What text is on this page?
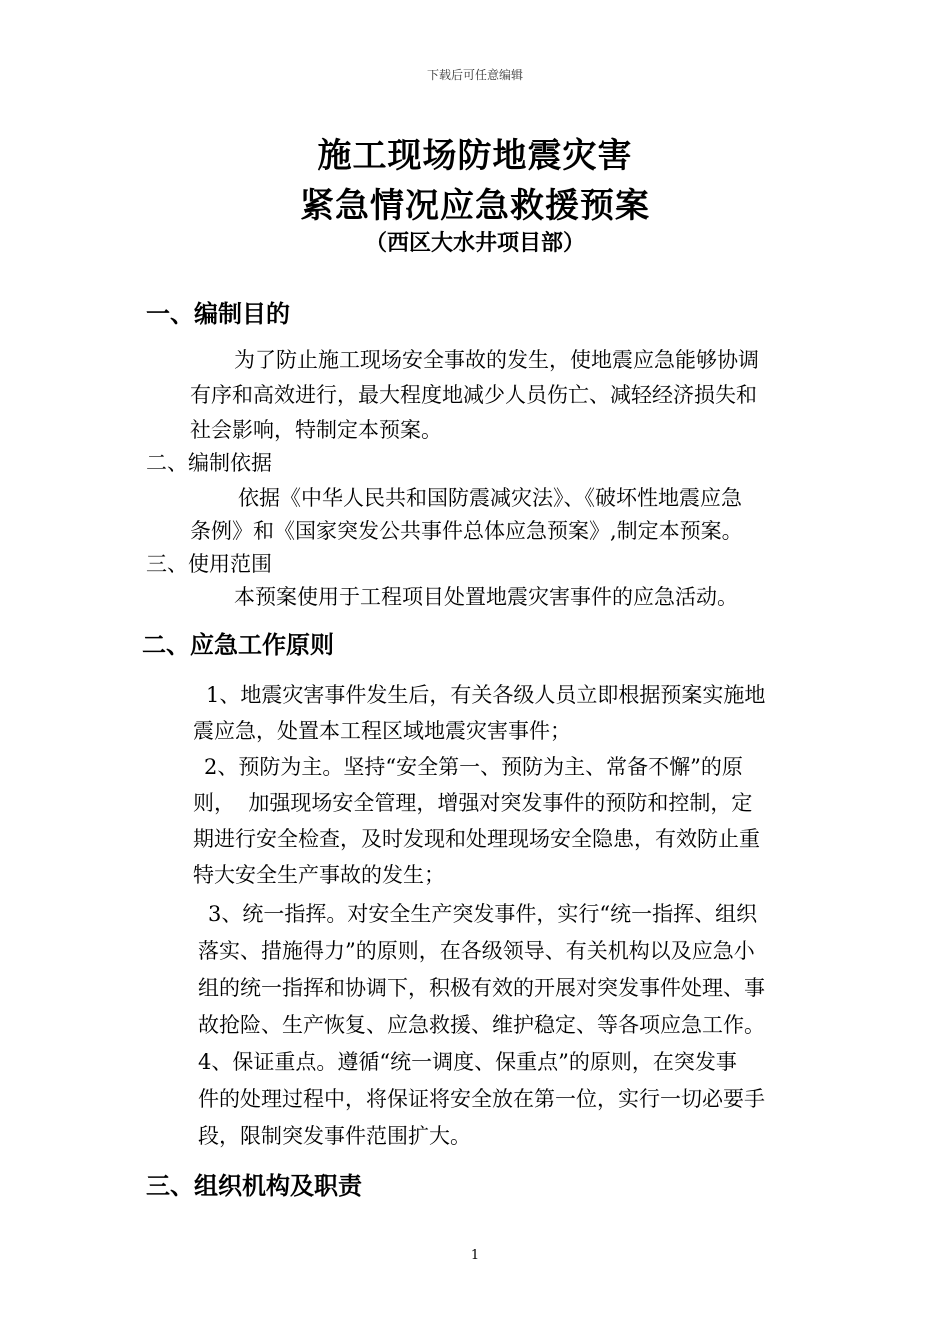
下载后可任意编辑
施工现场防地震灾害
紧急情况应急救援预案
（西区大水井项目部）
一、编制目的
为了防止施工现场安全事故的发生，使地震应急能够协调
有序和高效进行，最大程度地减少人员伤亡、减轻经济损失和
社会影响，特制定本预案。
二、编制依据
依据《中华人民共和国防震减灾法》、《破坏性地震应急
条例》和《国家突发公共事件总体应急预案》,制定本预案。
三、使用范围
本预案使用于工程项目处置地震灾害事件的应急活动。
二、应急工作原则
1、地震灾害事件发生后，有关各级人员立即根据预案实施地
震应急，处置本工程区域地震灾害事件；
2、预防为主。坚持“安全第一、预防为主、常备不懈”的原
则，  加强现场安全管理，增强对突发事件的预防和控制，定
期进行安全检查，及时发现和处理现场安全隐患，有效防止重
特大安全生产事故的发生；
3、统一指挥。对安全生产突发事件，实行“统一指挥、组织
落实、措施得力”的原则，在各级领导、有关机构以及应急小
组的统一指挥和协调下，积极有效的开展对突发事件处理、事
故抢险、生产恢复、应急救援、维护稳定、等各项应急工作。
4、保证重点。遵循“统一调度、保重点”的原则，在突发事
件的处理过程中，将保证将安全放在第一位，实行一切必要手
段，限制突发事件范围扩大。
三、组织机构及职责
1
